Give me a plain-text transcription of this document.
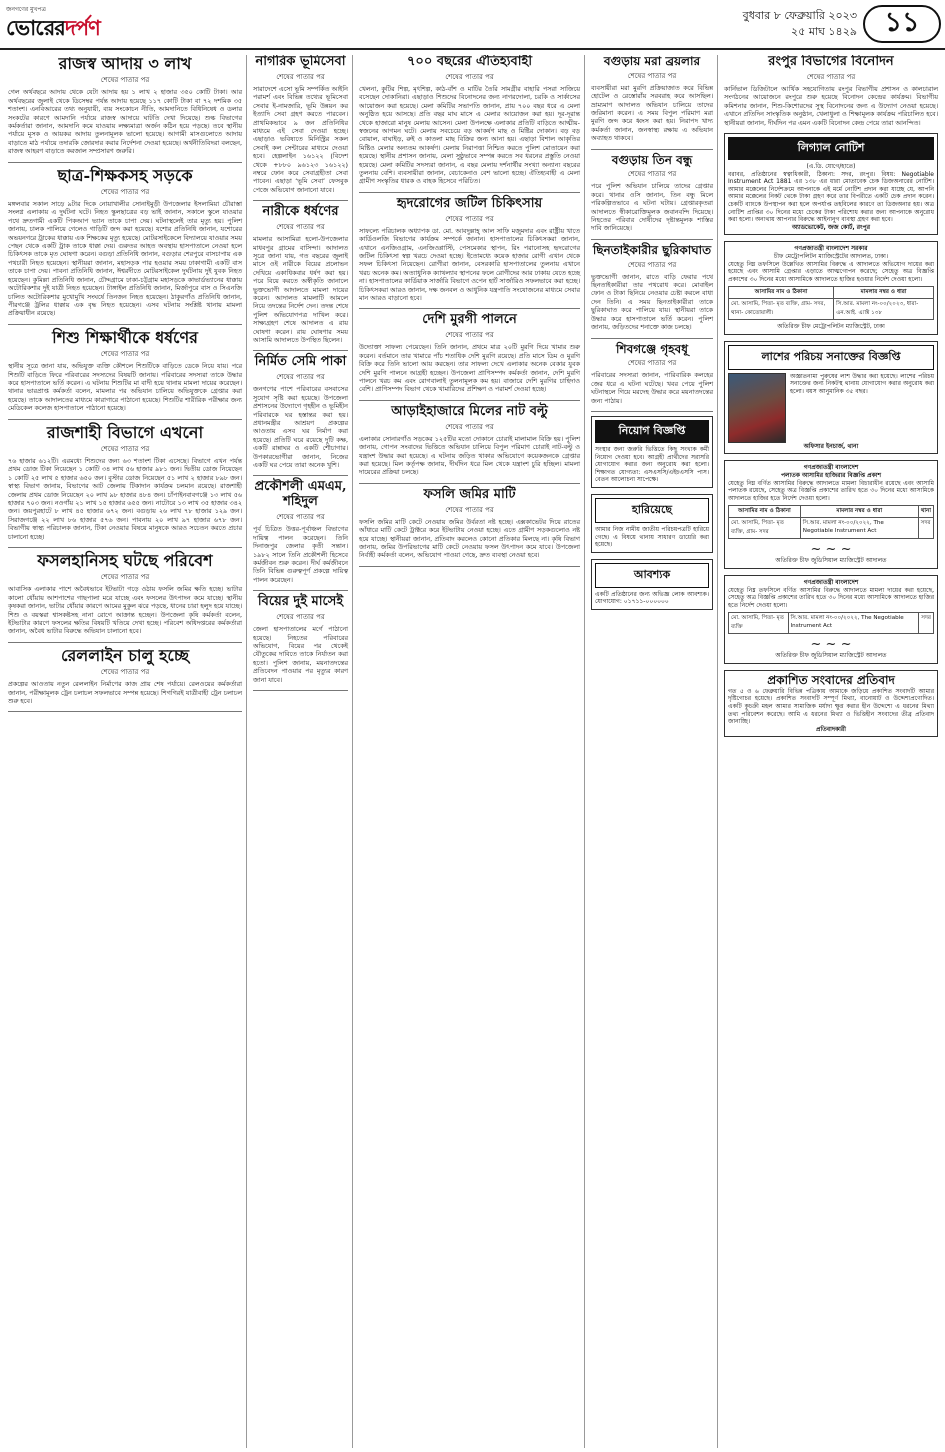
জনগণের মুখপত্র
ভোরেরদর্পণ	বুধবার ৮ ফেব্রুয়ারি ২০২৩
২৫ মাঘ ১৪২৯	১১
রাজস্ব আদায় ৩ লাখ
শেষের পাতার পর
গেল অর্থবছরে আদায় থেকে যেটা আদায় হয় ১ লাখ ২ হাজার ৩৫০ কোটি টাকা। আর অর্থবছরের জুলাই থেকে ডিসেম্বর পর্যন্ত আদায় হয়েছে ১১৭ কোটি টাকা বা ৭২ দশমিক ৩৫ শতাংশ। এনবিআরের তথ্য অনুযায়ী, ব্যয় সংকোচন নীতি, আমদানিতে বিধিনিষেধ ও ডলার সংকটের কারণে আমদানি পর্যায়ে রাজস্ব আদায়ে ঘাটতি দেখা দিয়েছে। শুল্ক বিভাগের কর্মকর্তারা জানান, আমদানি কমে যাওয়ায় লক্ষ্যমাত্রা অর্জন কঠিন হয়ে পড়ছে। তবে স্থানীয় পর্যায়ে মূসক ও আয়কর আদায় তুলনামূলক ভালো হয়েছে। আগামী মাসগুলোতে আদায় বাড়াতে মাঠ পর্যায়ে তদারকি জোরদার করার নির্দেশনা দেওয়া হয়েছে। অর্থনীতিবিদরা বলছেন, রাজস্ব আহরণ বাড়াতে করজাল সম্প্রসারণ জরুরি।
ছাত্র-শিক্ষকসহ সড়কে
শেষের পাতার পর
মঙ্গলবার সকাল সাড়ে ৯টার দিকে নোয়াখালীর সোনাইমুড়ী উপজেলার ইসলামিয়া চৌরাস্তা সংলগ্ন এলাকায় এ দুর্ঘটনা ঘটে। নিহত স্কুলছাত্রের বড় ভাই জানান, সকালে স্কুলে যাওয়ার পথে দ্রুতগামী একটি পিকআপ ভ্যান তাকে চাপা দেয়। ঘটনাস্থলেই তার মৃত্যু হয়। পুলিশ জানায়, চালক পালিয়ে গেলেও গাড়িটি জব্দ করা হয়েছে। যশোর প্রতিনিধি জানান, যশোরের অভয়নগরে ট্রাকের ধাক্কায় এক শিক্ষকের মৃত্যু হয়েছে। মোটরসাইকেলে বিদ্যালয়ে যাওয়ার সময় পেছন থেকে একটি ট্রাক তাকে ধাক্কা দেয়। গুরুতর আহত অবস্থায় হাসপাতালে নেওয়া হলে চিকিৎসক তাকে মৃত ঘোষণা করেন। বগুড়া প্রতিনিধি জানান, বগুড়ার শেরপুরে বাসচাপায় এক পথচারী নিহত হয়েছেন। স্থানীয়রা জানান, মহাসড়ক পার হওয়ার সময় ঢাকাগামী একটি বাস তাকে চাপা দেয়। পাবনা প্রতিনিধি জানান, ঈশ্বরদীতে মোটরসাইকেল দুর্ঘটনায় দুই যুবক নিহত হয়েছেন। কুমিল্লা প্রতিনিধি জানান, চৌদ্দগ্রামে ঢাকা-চট্টগ্রাম মহাসড়কে কাভার্ডভ্যানের ধাক্কায় অটোরিকশার দুই যাত্রী নিহত হয়েছেন। টাঙ্গাইল প্রতিনিধি জানান, মির্জাপুরে বাস ও সিএনজি চালিত অটোরিকশার মুখোমুখি সংঘর্ষে তিনজন নিহত হয়েছেন। ঠাকুরগাঁও প্রতিনিধি জানান, পীরগঞ্জে ট্রলির ধাক্কায় এক বৃদ্ধ নিহত হয়েছেন। এসব ঘটনায় সংশ্লিষ্ট থানায় মামলা প্রক্রিয়াধীন রয়েছে।
শিশু শিক্ষার্থীকে ধর্ষণের
শেষের পাতার পর
স্থানীয় সূত্রে জানা যায়, অভিযুক্ত ব্যক্তি কৌশলে শিশুটিকে বাড়িতে ডেকে নিয়ে যায়। পরে শিশুটি বাড়িতে ফিরে পরিবারের সদস্যদের বিষয়টি জানায়। পরিবারের সদস্যরা তাকে উদ্ধার করে হাসপাতালে ভর্তি করেন। এ ঘটনায় শিশুটির মা বাদী হয়ে থানায় মামলা দায়ের করেছেন। থানার ভারপ্রাপ্ত কর্মকর্তা বলেন, মামলার পর অভিযান চালিয়ে অভিযুক্তকে গ্রেপ্তার করা হয়েছে। তাকে আদালতের মাধ্যমে কারাগারে পাঠানো হয়েছে। শিশুটির শারীরিক পরীক্ষার জন্য মেডিকেল কলেজ হাসপাতালে পাঠানো হয়েছে।
রাজশাহী বিভাগে এখনো
শেষের পাতার পর
৭৬ হাজার ৬১২টি। এরমধ্যে শিশুদের জন্য ৬৩ শতাংশ টিকা এসেছে। বিভাগে এখন পর্যন্ত প্রথম ডোজ টিকা নিয়েছেন ১ কোটি ৩৪ লাখ ৫৬ হাজার ৯৮১ জন। দ্বিতীয় ডোজ নিয়েছেন ১ কোটি ২৫ লাখ ৫ হাজার ৬৫০ জন। বুস্টার ডোজ নিয়েছেন ৫১ লাখ ২ হাজার ৮৯৮ জন। স্বাস্থ্য বিভাগ জানায়, বিভাগের আট জেলায় টিকাদান কার্যক্রম চলমান রয়েছে। রাজশাহী জেলায় প্রথম ডোজ নিয়েছেন ২০ লাখ ৯৮ হাজার ৪৮৪ জন। চাঁপাইনবাবগঞ্জে ১৩ লাখ ৫৬ হাজার ৭০৩ জন। নওগাঁয় ২১ লাখ ১৫ হাজার ৬৫৫ জন। নাটোরে ১৩ লাখ ৩৫ হাজার ৩৪২ জন। জয়পুরহাটে ৮ লাখ ৪৫ হাজার ৬৭২ জন। বগুড়ায় ২৬ লাখ ৭৮ হাজার ১২৯ জন। সিরাজগঞ্জে ২২ লাখ ৮৬ হাজার ৫৭৬ জন। পাবনায় ২০ লাখ ৯৭ হাজার ৬৭৮ জন। বিভাগীয় স্বাস্থ্য পরিচালক জানান, টিকা নেওয়ার বিষয়ে মানুষকে আরও সচেতন করতে প্রচার চালানো হচ্ছে।
ফসলহানিসহ ঘটছে পরিবেশ
শেষের পাতার পর
আবাসিক এলাকার পাশে অবৈধভাবে ইটভাটা গড়ে ওঠায় ফসলি জমির ক্ষতি হচ্ছে। ভাটার কালো ধোঁয়ায় আশপাশের গাছপালা মরে যাচ্ছে এবং ফসলের উৎপাদন কমে যাচ্ছে। স্থানীয় কৃষকরা জানান, ভাটার ধোঁয়ার কারণে আমের মুকুল ঝরে পড়ছে, ধানের চারা হলুদ হয়ে যাচ্ছে। শিশু ও বয়স্করা শ্বাসকষ্টসহ নানা রোগে আক্রান্ত হচ্ছেন। উপজেলা কৃষি কর্মকর্তা বলেন, ইটভাটার কারণে ফসলের ক্ষতির বিষয়টি খতিয়ে দেখা হচ্ছে। পরিবেশ অধিদপ্তরের কর্মকর্তারা জানান, অবৈধ ভাটার বিরুদ্ধে অভিযান চালানো হবে।
রেললাইন চালু হচ্ছে
শেষের পাতার পর
প্রকল্পের আওতায় নতুন রেললাইন নির্মাণের কাজ প্রায় শেষ পর্যায়ে। রেলওয়ের কর্মকর্তারা জানান, পরীক্ষামূলক ট্রেন চলাচল সফলভাবে সম্পন্ন হয়েছে। শিগগিরই যাত্রীবাহী ট্রেন চলাচল শুরু হবে।
নাগরিক ভূমিসেবা
শেষের পাতার পর
সারাদেশে এসো ভূমি সম্পর্কিত আইনি পরামর্শ এবং বিভিন্ন তথ্যের ভূমিসেবা সেবার ই-নামজারি, ভূমি উন্নয়ন কর ইত্যাদি সেবা গ্রহণ করতে পারবেন। প্রাথমিকভাবে ৯ জন প্রতিনিধির মাধ্যমে এই সেবা দেওয়া হচ্ছে। এছাড়াও ভবিষ্যতে মিনিস্ট্রির সকল সেবাই কল সেন্টারের মাধ্যমে দেওয়া হবে। হেল্পলাইন ১৬১২২ (বিদেশ থেকে +৮৮০ ৯৬১২৩ ১৬১২২) নম্বরে ফোন করে সেবাগ্রহীতা সেবা পাবেন। এছাড়া ‘ভূমি সেবা’ ফেসবুক পেজে অভিযোগ জানানো যাবে।
নারীকে ধর্ষণের
শেষের পাতার পর
মামলার আসামিরা হলো-উপজেলার মাধবপুর গ্রামের বাসিন্দা। আদালত সূত্রে জানা যায়, গত বছরের জুলাই মাসে ওই নারীকে বিয়ের প্রলোভন দেখিয়ে একাধিকবার ধর্ষণ করা হয়। পরে বিয়ে করতে অস্বীকৃতি জানালে ভুক্তভোগী আদালতে মামলা দায়ের করেন। আদালত মামলাটি আমলে নিয়ে তদন্তের নির্দেশ দেন। তদন্ত শেষে পুলিশ অভিযোগপত্র দাখিল করে। সাক্ষ্যগ্রহণ শেষে আদালত এ রায় ঘোষণা করেন। রায় ঘোষণার সময় আসামি আদালতে উপস্থিত ছিলেন।
নির্মিত সেমি পাকা
শেষের পাতার পর
জনগণের পাশে পরিবারের বসবাসের সুযোগ সৃষ্টি করা হয়েছে। উপজেলা প্রশাসনের উদ্যোগে গৃহহীন ও ভূমিহীন পরিবারকে ঘর হস্তান্তর করা হয়। প্রধানমন্ত্রীর আশ্রয়ণ প্রকল্পের আওতায় এসব ঘর নির্মাণ করা হয়েছে। প্রতিটি ঘরে রয়েছে দুটি কক্ষ, একটি রান্নাঘর ও একটি শৌচাগার। উপকারভোগীরা জানান, নিজের একটি ঘর পেয়ে তারা অনেক খুশি।
প্রকৌশলী এমএম, শহিদুল
শেষের পাতার পর
পূর্ব চিত্রিত উত্তর-পূর্বাঞ্চল বিভাগের দায়িত্ব পালন করেছেন। তিনি দিনাজপুর জেলার কৃতী সন্তান। ১৯৮২ সালে তিনি প্রকৌশলী হিসেবে কর্মজীবন শুরু করেন। দীর্ঘ কর্মজীবনে তিনি বিভিন্ন গুরুত্বপূর্ণ প্রকল্পে দায়িত্ব পালন করেছেন।
বিয়ের দুই মাসেই
শেষের পাতার পর
জেলা হাসপাতালের মর্গে পাঠানো হয়েছে। নিহতের পরিবারের অভিযোগ, বিয়ের পর থেকেই যৌতুকের দাবিতে তাকে নির্যাতন করা হতো। পুলিশ জানায়, ময়নাতদন্তের প্রতিবেদন পাওয়ার পর মৃত্যুর কারণ জানা যাবে।
৭০০ বছরের ঐতিহ্যবাহী
শেষের পাতার পর
খেলনা, কুটির শিল্প, মৃৎশিল্প, কাঠ-বাঁশ ও মাটির তৈরি সামগ্রীর বাহারি পসরা সাজিয়ে বসেছেন দোকানিরা। এছাড়াও শিশুদের বিনোদনের জন্য নাগরদোলা, চরকি ও সার্কাসের আয়োজন করা হয়েছে। মেলা কমিটির সভাপতি জানান, প্রায় ৭০০ বছর ধরে এ মেলা অনুষ্ঠিত হয়ে আসছে। প্রতি বছর মাঘ মাসে এ মেলার আয়োজন করা হয়। দূর-দূরান্ত থেকে হাজারো মানুষ মেলায় আসেন। মেলা উপলক্ষে এলাকার প্রতিটি বাড়িতে আত্মীয়-স্বজনের আগমন ঘটে। মেলায় সবচেয়ে বড় আকর্ষণ মাছ ও মিষ্টির দোকান। বড় বড় বোয়াল, বাঘাইড়, রুই ও কাতলা মাছ বিক্রির জন্য আনা হয়। এছাড়া বিশাল আকৃতির মিষ্টিও মেলার অন্যতম আকর্ষণ। মেলায় নিরাপত্তা নিশ্চিত করতে পুলিশ মোতায়েন করা হয়েছে। স্থানীয় প্রশাসন জানায়, মেলা সুষ্ঠুভাবে সম্পন্ন করতে সব ধরনের প্রস্তুতি নেওয়া হয়েছে। মেলা কমিটির সদস্যরা জানান, এ বছর মেলায় দর্শনার্থীর সংখ্যা অন্যান্য বছরের তুলনায় বেশি। ব্যবসায়ীরা জানান, বেচাকেনাও বেশ ভালো হচ্ছে। ঐতিহ্যবাহী এ মেলা গ্রামীণ সংস্কৃতির ধারক ও বাহক হিসেবে পরিচিত।
হৃদরোগের জটিল চিকিৎসায়
শেষের পাতার পর
সাফল্যে পরিচালক অধ্যাপক ডা. মো. আবদুল্লাহ্ আল সাফি মজুমদার এবং রাষ্ট্রীয় খাতে কার্ডিওলজি বিভাগের কার্যক্রম সম্পর্কে জানান। হাসপাতালের চিকিৎসকরা জানান, এখানে এনজিওগ্রাম, এনজিওপ্লাস্টি, পেসমেকার স্থাপন, রিং পরানোসহ হৃদরোগের জটিল চিকিৎসা স্বল্প খরচে দেওয়া হচ্ছে। ইতোমধ্যে কয়েক হাজার রোগী এখান থেকে সফল চিকিৎসা নিয়েছেন। রোগীরা জানান, বেসরকারি হাসপাতালের তুলনায় এখানে খরচ অনেক কম। অত্যাধুনিক ক্যাথল্যাব স্থাপনের ফলে রোগীদের আর ঢাকায় যেতে হচ্ছে না। হাসপাতালের কার্ডিয়াক সার্জারি বিভাগে ওপেন হার্ট সার্জারিও সফলভাবে করা হচ্ছে। চিকিৎসকরা আরও জানান, দক্ষ জনবল ও আধুনিক যন্ত্রপাতি সংযোজনের মাধ্যমে সেবার মান আরও বাড়ানো হবে।
দেশি মুরগী পালনে
শেষের পাতার পর
উদ্যোক্তা সাফল্য পেয়েছেন। তিনি জানান, প্রথমে মাত্র ২০টি মুরগি দিয়ে খামার শুরু করেন। বর্তমানে তার খামারে পাঁচ শতাধিক দেশি মুরগি রয়েছে। প্রতি মাসে ডিম ও মুরগি বিক্রি করে তিনি ভালো আয় করছেন। তার সাফল্য দেখে এলাকার অনেক বেকার যুবক দেশি মুরগি পালনে আগ্রহী হচ্ছেন। উপজেলা প্রাণিসম্পদ কর্মকর্তা জানান, দেশি মুরগি পালনে খরচ কম এবং রোগবালাই তুলনামূলক কম হয়। বাজারে দেশি মুরগির চাহিদাও বেশি। প্রাণিসম্পদ বিভাগ থেকে খামারিদের প্রশিক্ষণ ও পরামর্শ দেওয়া হচ্ছে।
আড়াইহাজারে মিলের নাট বল্টু
শেষের পাতার পর
এলাকার সোনারগাঁও সড়কের ১২৫টির মতো দোকানে চোরাই মালামাল বিক্রি হয়। পুলিশ জানায়, গোপন সংবাদের ভিত্তিতে অভিযান চালিয়ে বিপুল পরিমাণ চোরাই নাট-বল্টু ও যন্ত্রাংশ উদ্ধার করা হয়েছে। এ ঘটনায় জড়িত থাকার অভিযোগে কয়েকজনকে গ্রেপ্তার করা হয়েছে। মিল কর্তৃপক্ষ জানায়, দীর্ঘদিন ধরে মিল থেকে যন্ত্রাংশ চুরি হচ্ছিল। মামলা দায়েরের প্রক্রিয়া চলছে।
ফসলি জমির মাটি
শেষের পাতার পর
ফসলি জমির মাটি কেটে নেওয়ায় জমির উর্বরতা নষ্ট হচ্ছে। এক্সকাভেটর দিয়ে রাতের আঁধারে মাটি কেটে ট্রাক্টরে করে ইটভাটায় নেওয়া হচ্ছে। এতে গ্রামীণ সড়কগুলোও নষ্ট হয়ে যাচ্ছে। স্থানীয়রা জানান, প্রতিবাদ করলেও কোনো প্রতিকার মিলছে না। কৃষি বিভাগ জানায়, জমির উপরিভাগের মাটি কেটে নেওয়ায় ফসল উৎপাদন কমে যাবে। উপজেলা নির্বাহী কর্মকর্তা বলেন, অভিযোগ পাওয়া গেছে, দ্রুত ব্যবস্থা নেওয়া হবে।
বগুড়ায় মরা ব্রয়লার
শেষের পাতার পর
ব্যবসায়ীরা মরা মুরগি প্রক্রিয়াজাত করে বিভিন্ন হোটেল ও রেস্তোরাঁয় সরবরাহ করে আসছিল। ভ্রাম্যমাণ আদালত অভিযান চালিয়ে তাদের জরিমানা করেন। এ সময় বিপুল পরিমাণ মরা মুরগি জব্দ করে ধ্বংস করা হয়। নিরাপদ খাদ্য কর্মকর্তা জানান, জনস্বাস্থ্য রক্ষায় এ অভিযান অব্যাহত থাকবে।
বগুড়ায় তিন বন্ধু
শেষের পাতার পর
পরে পুলিশ অভিযান চালিয়ে তাদের গ্রেপ্তার করে। থানার ওসি জানান, তিন বন্ধু মিলে পরিকল্পিতভাবে এ ঘটনা ঘটায়। গ্রেপ্তারকৃতরা আদালতে স্বীকারোক্তিমূলক জবানবন্দি দিয়েছে। নিহতের পরিবার দোষীদের দৃষ্টান্তমূলক শাস্তির দাবি জানিয়েছে।
ছিনতাইকারীর ছুরিকাঘাত
শেষের পাতার পর
ভুক্তভোগী জানান, রাতে বাড়ি ফেরার পথে ছিনতাইকারীরা তার পথরোধ করে। মোবাইল ফোন ও টাকা ছিনিয়ে নেওয়ার চেষ্টা করলে বাধা দেন তিনি। এ সময় ছিনতাইকারীরা তাকে ছুরিকাঘাত করে পালিয়ে যায়। স্থানীয়রা তাকে উদ্ধার করে হাসপাতালে ভর্তি করেন। পুলিশ জানায়, জড়িতদের শনাক্তে কাজ চলছে।
শিবগঞ্জে গৃহবধূ
শেষের পাতার পর
পরিবারের সদস্যরা জানান, পারিবারিক কলহের জের ধরে এ ঘটনা ঘটেছে। খবর পেয়ে পুলিশ ঘটনাস্থলে গিয়ে মরদেহ উদ্ধার করে ময়নাতদন্তের জন্য পাঠায়।
নিয়োগ বিজ্ঞপ্তি
সংস্থার জন্য জরুরি ভিত্তিতে কিছু সংখ্যক কর্মী নিয়োগ দেওয়া হবে। আগ্রহী প্রার্থীদের সরাসরি যোগাযোগ করার জন্য অনুরোধ করা হলো। শিক্ষাগত যোগ্যতা: এসএসসি/এইচএসসি পাস। বেতন আলোচনা সাপেক্ষে।
হারিয়েছে
আমার নিজ নামীয় জাতীয় পরিচয়পত্রটি হারিয়ে গেছে। এ বিষয়ে থানায় সাধারণ ডায়েরি করা হয়েছে।
আবশ্যক
একটি প্রতিষ্ঠানের জন্য অভিজ্ঞ লোক আবশ্যক। যোগাযোগ: ০১৭১১-০০০০০০
রংপুর বিভাগের বিনোদন
শেষের পাতার পর
কার্নিভাল ডিজিটালে আর্থিক সহযোগিতায় রংপুর বিভাগীয় প্রশাসন ও কালচারাল সংগঠনের আয়োজনে রংপুরে শুরু হয়েছে বিনোদন কেন্দ্রের কার্যক্রম। বিভাগীয় কমিশনার জানান, শিশু-কিশোরদের সুস্থ বিনোদনের জন্য এ উদ্যোগ নেওয়া হয়েছে। এখানে প্রতিদিন সাংস্কৃতিক অনুষ্ঠান, খেলাধুলা ও শিক্ষামূলক কার্যক্রম পরিচালিত হবে। স্থানীয়রা জানান, দীর্ঘদিন পর এমন একটি বিনোদন কেন্দ্র পেয়ে তারা আনন্দিত।
লিগ্যাল নোটিশ
(এ.ডি. যোগে/হাতে)
বরাবর, প্রতিষ্ঠানের স্বত্বাধিকারী, ঠিকানা: সদর, রংপুর। বিষয়: Negotiable Instrument Act 1881 এর ১৩৮ এর ধারা মোতাবেক চেক ডিজঅনারের নোটিশ। আমার মক্কেলের নির্দেশক্রমে আপনাকে এই মর্মে নোটিশ প্রদান করা যাচ্ছে যে, আপনি আমার মক্কেলের নিকট থেকে টাকা গ্রহণ করে তার বিপরীতে একটি চেক প্রদান করেন। চেকটি ব্যাংকে উপস্থাপন করা হলে অপর্যাপ্ত তহবিলের কারণে তা ডিজঅনার হয়। অত্র নোটিশ প্রাপ্তির ৩০ দিনের মধ্যে চেকের টাকা পরিশোধ করার জন্য আপনাকে অনুরোধ করা হলো। অন্যথায় আপনার বিরুদ্ধে আইনানুগ ব্যবস্থা গ্রহণ করা হবে।
অ্যাডভোকেট, জজ কোর্ট, রংপুর
গণপ্রজাতন্ত্রী বাংলাদেশ সরকার
চীফ মেট্রোপলিটন ম্যাজিস্ট্রেটের আদালত, ঢাকা।
যেহেতু নিম্ন তফসিলে উল্লেখিত আসামির বিরুদ্ধে এ আদালতে অভিযোগ দায়ের করা হয়েছে এবং আসামি গ্রেপ্তার এড়াতে আত্মগোপন করেছে; সেহেতু অত্র বিজ্ঞপ্তি প্রকাশের ৩০ দিনের মধ্যে আসামিকে আদালতে হাজির হওয়ার নির্দেশ দেওয়া হলো।
আসামির নাম ও ঠিকানা	মামলার নম্বর ও ধারা
মো. আসামি, পিতা- মৃত ব্যক্তি, গ্রাম- সদর, থানা- কোতোয়ালী।	সি.আর. মামলা নং-০০/২০২৩, ধারা-এন.আই. এ্যাক্ট ১৩৮
অতিরিক্ত চীফ মেট্রোপলিটন ম্যাজিস্ট্রেট, ঢাকা
লাশের পরিচয় সনাক্তের বিজ্ঞপ্তি
অজ্ঞাতনামা পুরুষের লাশ উদ্ধার করা হয়েছে। লাশের পরিচয় সনাক্তের জন্য নিকটস্থ থানায় যোগাযোগ করার অনুরোধ করা হলো। বয়স আনুমানিক ৩৫ বছর।
অফিসার ইনচার্জ, থানা
গণপ্রজাতন্ত্রী বাংলাদেশ
পলাতক আসামির হাজিরার বিজ্ঞপ্তি প্রকাশ
যেহেতু নিম্ন বর্ণিত আসামির বিরুদ্ধে আদালতে মামলা বিচারাধীন রয়েছে এবং আসামি পলাতক রয়েছে, সেহেতু অত্র বিজ্ঞপ্তি প্রকাশের তারিখ হতে ৩০ দিনের মধ্যে আসামিকে আদালতে হাজির হতে নির্দেশ দেওয়া হলো।
আসামির নাম ও ঠিকানা	মামলার নম্বর ও ধারা	থানা
মো. আসামি, পিতা- মৃত ব্যক্তি, গ্রাম- সদর	সি.আর. মামলা নং-০০/২০২২, The Negotiable Instrument Act	সদর
~ ~ ~
অতিরিক্ত চীফ জুডিসিয়াল ম্যাজিস্ট্রেট আদালত
গণপ্রজাতন্ত্রী বাংলাদেশ
যেহেতু নিম্ন তফসিলে বর্ণিত আসামির বিরুদ্ধে আদালতে মামলা দায়ের করা হয়েছে, সেহেতু অত্র বিজ্ঞপ্তি প্রকাশের তারিখ হতে ৩০ দিনের মধ্যে আসামিকে আদালতে হাজির হতে নির্দেশ দেওয়া হলো।
মো. আসামি, পিতা- মৃত ব্যক্তি	সি.আর. মামলা নং-০০/২০২২, The Negotiable Instrument Act	সদর
~ ~ ~
অতিরিক্ত চীফ জুডিসিয়াল ম্যাজিস্ট্রেট আদালত
প্রকাশিত সংবাদের প্রতিবাদ
গত ৫ ও ৬ ফেব্রুয়ারি বিভিন্ন পত্রিকায় আমাকে জড়িয়ে প্রকাশিত সংবাদটি আমার দৃষ্টিগোচর হয়েছে। প্রকাশিত সংবাদটি সম্পূর্ণ মিথ্যা, বানোয়াট ও উদ্দেশ্যপ্রণোদিত। একটি কুচক্রী মহল আমার সামাজিক মর্যাদা ক্ষুণ্ণ করার হীন উদ্দেশ্যে এ ধরনের মিথ্যা তথ্য পরিবেশন করেছে। আমি এ ধরনের মিথ্যা ও ভিত্তিহীন সংবাদের তীব্র প্রতিবাদ জানাচ্ছি।
প্রতিবাদকারী
